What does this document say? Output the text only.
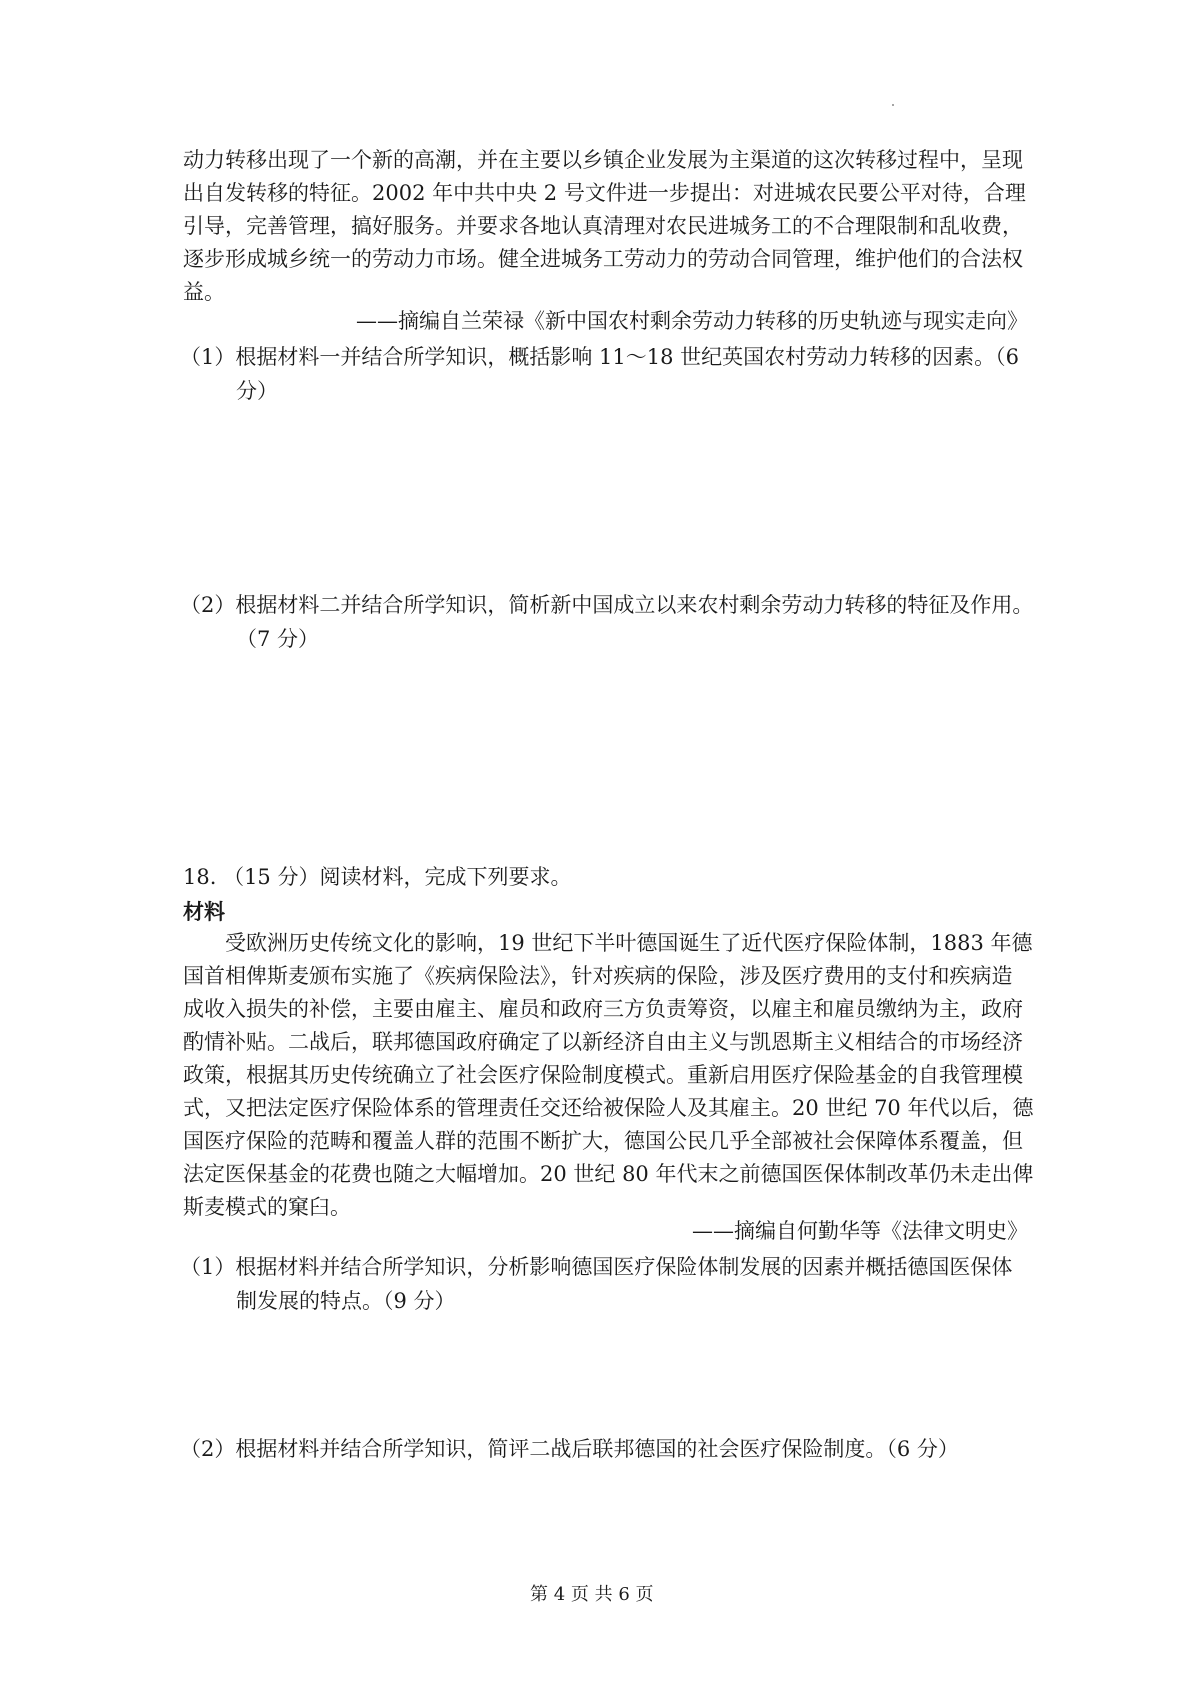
动力转移出现了一个新的高潮，并在主要以乡镇企业发展为主渠道的这次转移过程中，呈现
出自发转移的特征。2002 年中共中央 2 号文件进一步提出：对进城农民要公平对待，合理
引导，完善管理，搞好服务。并要求各地认真清理对农民进城务工的不合理限制和乱收费，
逐步形成城乡统一的劳动力市场。健全进城务工劳动力的劳动合同管理，维护他们的合法权
益。
——摘编自兰荣禄《新中国农村剩余劳动力转移的历史轨迹与现实走向》
（1）根据材料一并结合所学知识，概括影响 11～18 世纪英国农村劳动力转移的因素。（6
分）
（2）根据材料二并结合所学知识，简析新中国成立以来农村剩余劳动力转移的特征及作用。
（7 分）
18. （15 分）阅读材料，完成下列要求。
材料
受欧洲历史传统文化的影响，19 世纪下半叶德国诞生了近代医疗保险体制，1883 年德
国首相俾斯麦颁布实施了《疾病保险法》，针对疾病的保险，涉及医疗费用的支付和疾病造
成收入损失的补偿，主要由雇主、雇员和政府三方负责筹资，以雇主和雇员缴纳为主，政府
酌情补贴。二战后，联邦德国政府确定了以新经济自由主义与凯恩斯主义相结合的市场经济
政策，根据其历史传统确立了社会医疗保险制度模式。重新启用医疗保险基金的自我管理模
式，又把法定医疗保险体系的管理责任交还给被保险人及其雇主。20 世纪 70 年代以后，德
国医疗保险的范畴和覆盖人群的范围不断扩大，德国公民几乎全部被社会保障体系覆盖，但
法定医保基金的花费也随之大幅增加。20 世纪 80 年代末之前德国医保体制改革仍未走出俾
斯麦模式的窠臼。
——摘编自何勤华等《法律文明史》
（1）根据材料并结合所学知识，分析影响德国医疗保险体制发展的因素并概括德国医保体
制发展的特点。（9 分）
（2）根据材料并结合所学知识，简评二战后联邦德国的社会医疗保险制度。（6 分）
第 4 页 共 6 页
